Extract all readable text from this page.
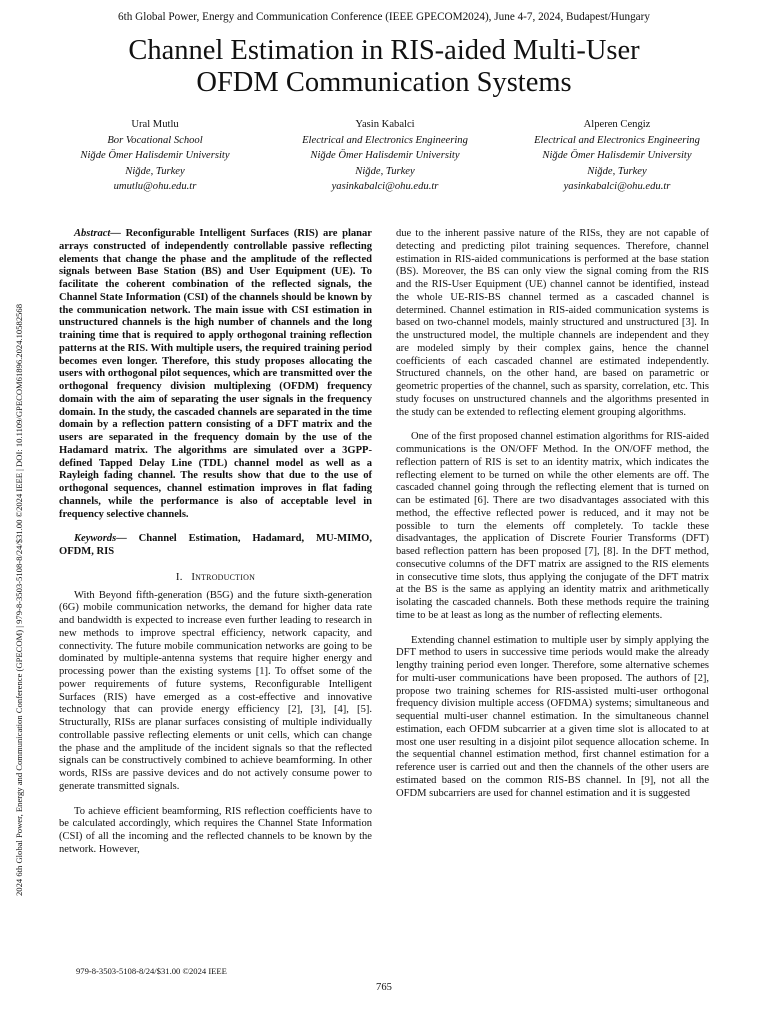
6th Global Power, Energy and Communication Conference (IEEE GPECOM2024), June 4-7, 2024, Budapest/Hungary
Channel Estimation in RIS-aided Multi-User
OFDM Communication Systems
Ural Mutlu
Bor Vocational School
Niğde Ömer Halisdemir University
Niğde, Turkey
umutlu@ohu.edu.tr
Yasin Kabalci
Electrical and Electronics Engineering
Niğde Ömer Halisdemir University
Niğde, Turkey
yasinkabalci@ohu.edu.tr
Alperen Cengiz
Electrical and Electronics Engineering
Niğde Ömer Halisdemir University
Niğde, Turkey
yasinkabalci@ohu.edu.tr
2024 6th Global Power, Energy and Communication Conference (GPECOM) | 979-8-3503-5108-8/24/$31.00 ©2024 IEEE | DOI: 10.1109/GPECOM61896.2024.10582568

Abstract— Reconfigurable Intelligent Surfaces (RIS) are planar arrays constructed of independently controllable passive reflecting elements that change the phase and the amplitude of the reflected signals between Base Station (BS) and User Equipment (UE). To facilitate the coherent combination of the reflected signals, the Channel State Information (CSI) of the channels should be known by the communication network. The main issue with CSI estimation in unstructured channels is the high number of channels and the long training time that is required to apply orthogonal training reflection patterns at the RIS. With multiple users, the required training period becomes even longer. Therefore, this study proposes allocating the users with orthogonal pilot sequences, which are transmitted over the orthogonal frequency division multiplexing (OFDM) frequency domain with the aim of separating the user signals in the frequency domain. In the study, the cascaded channels are separated in the time domain by a reflection pattern consisting of a DFT matrix and the users are separated in the frequency domain by the use of the Hadamard matrix. The algorithms are simulated over a 3GPP-defined Tapped Delay Line (TDL) channel model as well as a Rayleigh fading channel. The results show that due to the use of orthogonal sequences, channel estimation improves in flat fading channels, while the performance is also of acceptable level in frequency selective channels.

Keywords— Channel Estimation, Hadamard, MU-MIMO, OFDM, RIS

I. Introduction

With Beyond fifth-generation (B5G) and the future sixth-generation (6G) mobile communication networks, the demand for higher data rate and bandwidth is expected to increase even further leading to research in new methods to improve spectral efficiency, network capacity, and connectivity. The future mobile communication networks are going to be dominated by multiple-antenna systems that require higher energy and processing power than the existing systems [1]. To offset some of the power requirements of future systems, Reconfigurable Intelligent Surfaces (RIS) have emerged as a cost-effective and innovative technology that can provide energy efficiency [2], [3], [4], [5]. Structurally, RISs are planar surfaces consisting of multiple individually controllable passive reflecting elements or unit cells, which can change the phase and the amplitude of the incident signals so that the reflected signals can be constructively combined to achieve beamforming. In other words, RISs are passive devices and do not actively consume power to generate transmitted signals.

To achieve efficient beamforming, RIS reflection coefficients have to be calculated accordingly, which requires the Channel State Information (CSI) of all the incoming and the reflected channels to be known by the network. However,

due to the inherent passive nature of the RISs, they are not capable of detecting and predicting pilot training sequences. Therefore, channel estimation in RIS-aided communications is performed at the base station (BS). Moreover, the BS can only view the signal coming from the RIS and the RIS-User Equipment (UE) channel cannot be identified, instead the whole UE-RIS-BS channel termed as a cascaded channel is determined. Channel estimation in RIS-aided communication systems is based on two-channel models, mainly structured and unstructured [3]. In the unstructured model, the multiple channels are independent and they are modeled simply by their complex gains, hence the channel coefficients of each cascaded channel are estimated independently. Structured channels, on the other hand, are based on parametric or geometric properties of the channel, such as sparsity, correlation, etc. This study focuses on unstructured channels and the algorithms presented in the study can be extended to reflecting element grouping algorithms.

One of the first proposed channel estimation algorithms for RIS-aided communications is the ON/OFF Method. In the ON/OFF method, the reflection pattern of RIS is set to an identity matrix, which indicates the reflecting element to be turned on while the other elements are off. The cascaded channel going through the reflecting element that is turned on can be estimated [6]. There are two disadvantages associated with this method, the effective reflected power is reduced, and it may not be possible to turn the elements off completely. To tackle these disadvantages, the application of Discrete Fourier Transforms (DFT) based reflection pattern has been proposed [7], [8]. In the DFT method, consecutive columns of the DFT matrix are assigned to the RIS elements in consecutive time slots, thus applying the conjugate of the DFT matrix at the BS is the same as applying an identity matrix and arithmetically isolating the cascaded channels. Both these methods require the training time to be at least as long as the number of reflecting elements.

Extending channel estimation to multiple user by simply applying the DFT method to users in successive time periods would make the already lengthy training period even longer. Therefore, some alternative schemes for multi-user communications have been proposed. The authors of [2], propose two training schemes for RIS-assisted multi-user orthogonal frequency division multiple access (OFDMA) systems; simultaneous and sequential multi-user channel estimation. In the simultaneous channel estimation, each OFDM subcarrier at a given time slot is allocated to at most one user resulting in a disjoint pilot sequence allocation scheme. In the sequential channel estimation method, first channel estimation for a reference user is carried out and then the channels of the other users are estimated based on the common RIS-BS channel. In [9], not all the OFDM subcarriers are used for channel estimation and it is suggested

979-8-3503-5108-8/24/$31.00 ©2024 IEEE
765
